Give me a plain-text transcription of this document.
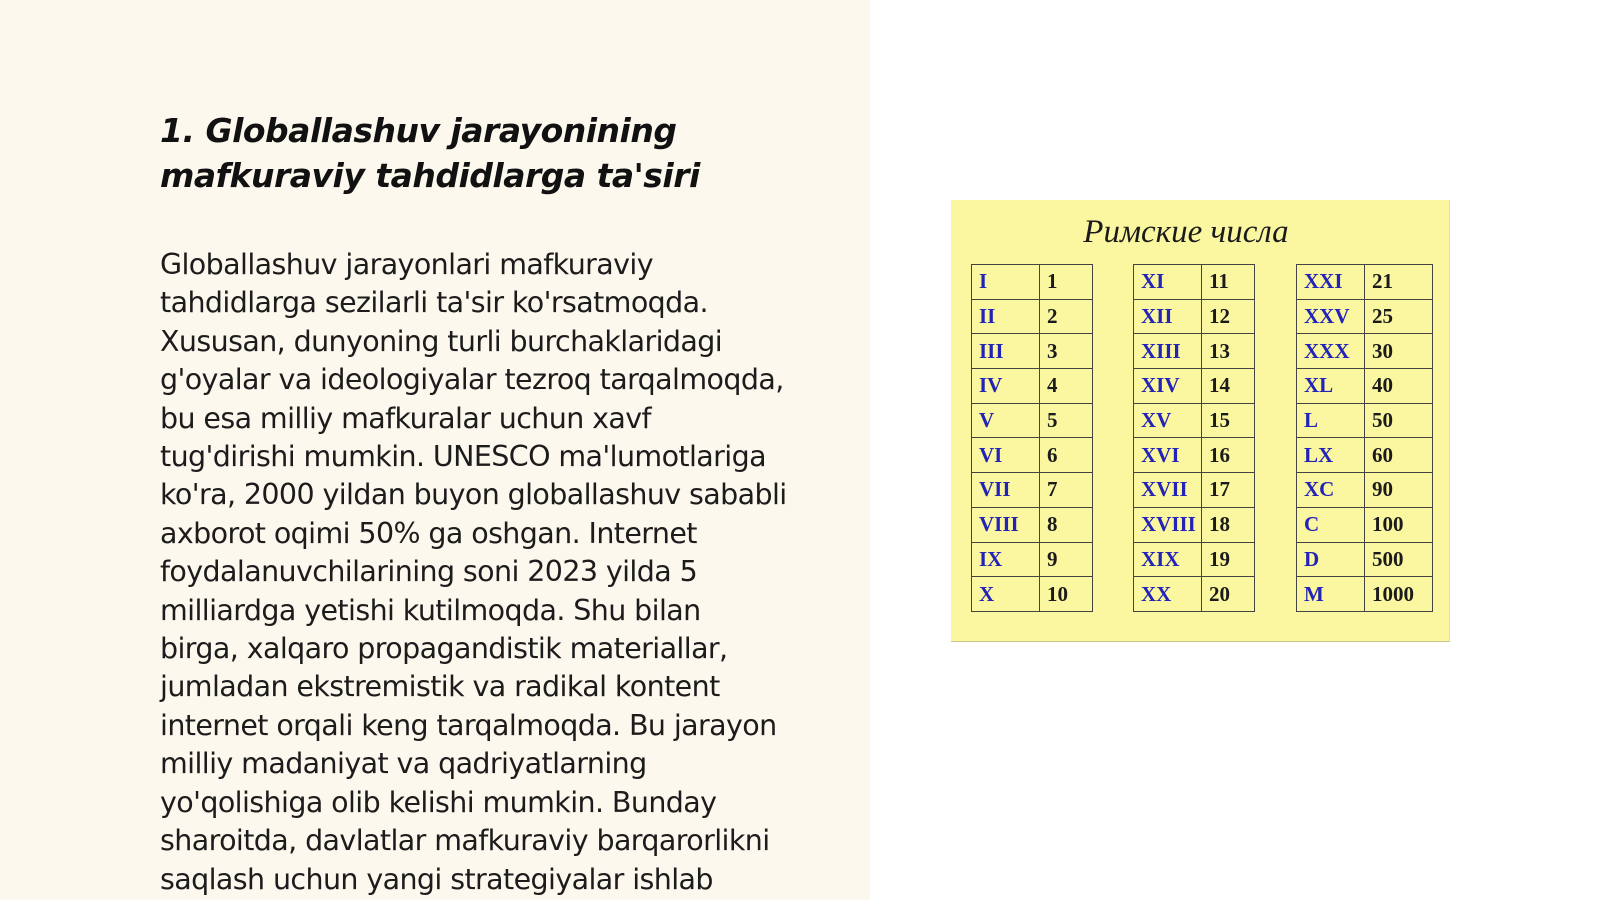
1. Globallashuv jarayonining
mafkuraviy tahdidlarga ta'siri
Globallashuv jarayonlari mafkuraviy
tahdidlarga sezilarli ta'sir ko'rsatmoqda.
Xususan, dunyoning turli burchaklaridagi
g'oyalar va ideologiyalar tezroq tarqalmoqda,
bu esa milliy mafkuralar uchun xavf
tug'dirishi mumkin. UNESCO ma'lumotlariga
ko'ra, 2000 yildan buyon globallashuv sababli
axborot oqimi 50% ga oshgan. Internet
foydalanuvchilarining soni 2023 yilda 5
milliardga yetishi kutilmoqda. Shu bilan
birga, xalqaro propagandistik materiallar,
jumladan ekstremistik va radikal kontent
internet orqali keng tarqalmoqda. Bu jarayon
milliy madaniyat va qadriyatlarning
yo'qolishiga olib kelishi mumkin. Bunday
sharoitda, davlatlar mafkuraviy barqarorlikni
saqlash uchun yangi strategiyalar ishlab
Римские числа
I	1
II	2
III	3
IV	4
V	5
VI	6
VII	7
VIII	8
IX	9
X	10
XI	11
XII	12
XIII	13
XIV	14
XV	15
XVI	16
XVII	17
XVIII	18
XIX	19
XX	20
XXI	21
XXV	25
XXX	30
XL	40
L	50
LX	60
XC	90
C	100
D	500
M	1000
